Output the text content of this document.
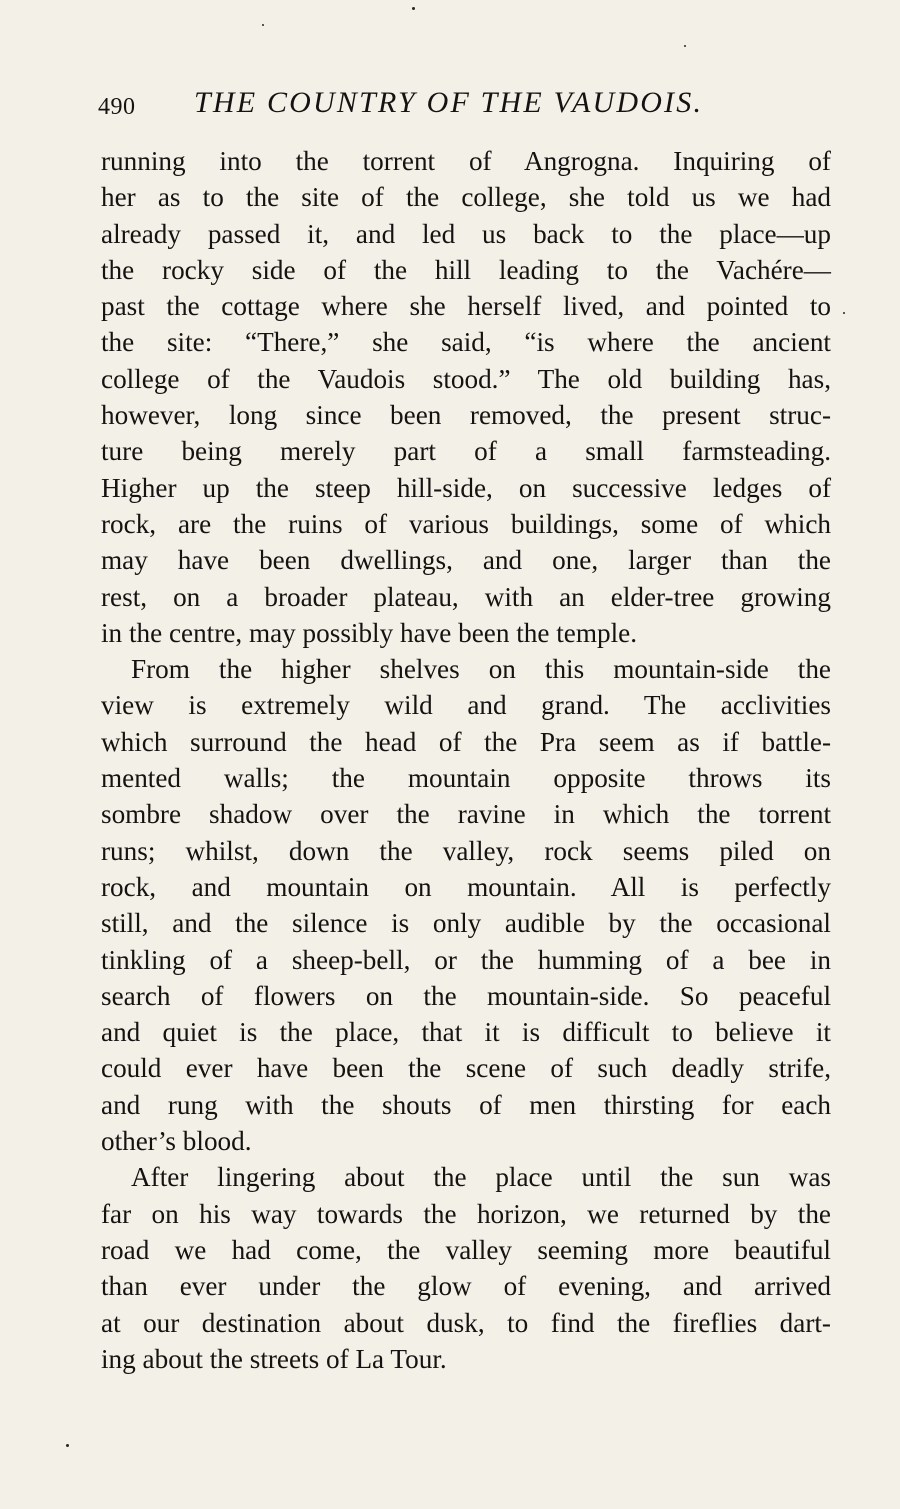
490 THE COUNTRY OF THE VAUDOIS.
running into the torrent of Angrogna. Inquiring of
her as to the site of the college, she told us we had
already passed it, and led us back to the place—up
the rocky side of the hill leading to the Vachére—
past the cottage where she herself lived, and pointed to
the site: “There,” she said, “is where the ancient
college of the Vaudois stood.” The old building has,
however, long since been removed, the present struc-
ture being merely part of a small farmsteading.
Higher up the steep hill-side, on successive ledges of
rock, are the ruins of various buildings, some of which
may have been dwellings, and one, larger than the
rest, on a broader plateau, with an elder-tree growing
in the centre, may possibly have been the temple.
From the higher shelves on this mountain-side the
view is extremely wild and grand. The acclivities
which surround the head of the Pra seem as if battle-
mented walls; the mountain opposite throws its
sombre shadow over the ravine in which the torrent
runs; whilst, down the valley, rock seems piled on
rock, and mountain on mountain. All is perfectly
still, and the silence is only audible by the occasional
tinkling of a sheep-bell, or the humming of a bee in
search of flowers on the mountain-side. So peaceful
and quiet is the place, that it is difficult to believe it
could ever have been the scene of such deadly strife,
and rung with the shouts of men thirsting for each
other’s blood.
After lingering about the place until the sun was
far on his way towards the horizon, we returned by the
road we had come, the valley seeming more beautiful
than ever under the glow of evening, and arrived
at our destination about dusk, to find the fireflies dart-
ing about the streets of La Tour.
